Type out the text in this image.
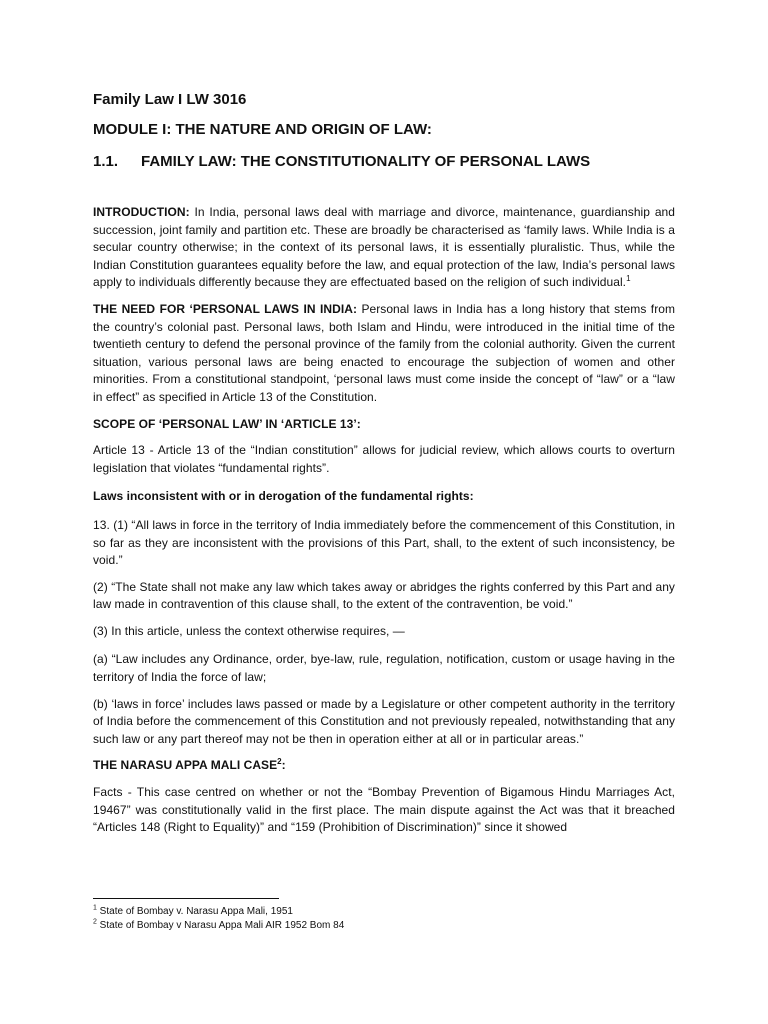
Family Law I LW 3016
MODULE I: THE NATURE AND ORIGIN OF LAW:
1.1. FAMILY LAW: THE CONSTITUTIONALITY OF PERSONAL LAWS

INTRODUCTION: In India, personal laws deal with marriage and divorce, maintenance, guardianship and succession, joint family and partition etc. These are broadly be characterised as ‘family laws. While India is a secular country otherwise; in the context of its personal laws, it is essentially pluralistic. Thus, while the Indian Constitution guarantees equality before the law, and equal protection of the law, India’s personal laws apply to individuals differently because they are effectuated based on the religion of such individual.$^1$

THE NEED FOR ‘PERSONAL LAWS IN INDIA: Personal laws in India has a long history that stems from the country’s colonial past. Personal laws, both Islam and Hindu, were introduced in the initial time of the twentieth century to defend the personal province of the family from the colonial authority. Given the current situation, various personal laws are being enacted to encourage the subjection of women and other minorities. From a constitutional standpoint, ‘personal laws must come inside the concept of “law” or a “law in effect” as specified in Article 13 of the Constitution.

SCOPE OF ‘PERSONAL LAW’ IN ‘ARTICLE 13’:

Article 13 - Article 13 of the “Indian constitution” allows for judicial review, which allows courts to overturn legislation that violates “fundamental rights”.

Laws inconsistent with or in derogation of the fundamental rights:

13. (1) “All laws in force in the territory of India immediately before the commencement of this Constitution, in so far as they are inconsistent with the provisions of this Part, shall, to the extent of such inconsistency, be void.”

(2) “The State shall not make any law which takes away or abridges the rights conferred by this Part and any law made in contravention of this clause shall, to the extent of the contravention, be void.”

(3) In this article, unless the context otherwise requires, —

(a) “Law includes any Ordinance, order, bye-law, rule, regulation, notification, custom or usage having in the territory of India the force of law;

(b) ‘laws in force’ includes laws passed or made by a Legislature or other competent authority in the territory of India before the commencement of this Constitution and not previously repealed, notwithstanding that any such law or any part thereof may not be then in operation either at all or in particular areas.”

THE NARASU APPA MALI CASE$^2$:

Facts - This case centred on whether or not the “Bombay Prevention of Bigamous Hindu Marriages Act, 19467” was constitutionally valid in the first place. The main dispute against the Act was that it breached “Articles 148 (Right to Equality)” and “159 (Prohibition of Discrimination)” since it showed

$^1$ State of Bombay v. Narasu Appa Mali, 1951

$^2$ State of Bombay v Narasu Appa Mali AIR 1952 Bom 84
